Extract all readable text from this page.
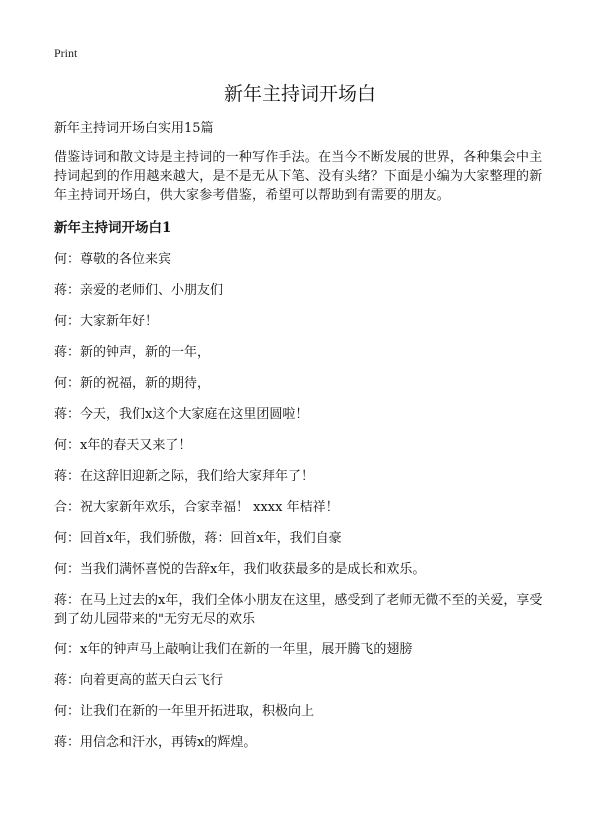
Print
新年主持词开场白

新年主持词开场白实用15篇

借鉴诗词和散文诗是主持词的一种写作手法。在当今不断发展的世界，各种集会中主持词起到的作用越来越大，是不是无从下笔、没有头绪？下面是小编为大家整理的新年主持词开场白，供大家参考借鉴，希望可以帮助到有需要的朋友。

新年主持词开场白1

何：尊敬的各位来宾
蒋：亲爱的老师们、小朋友们
何：大家新年好！
蒋：新的钟声，新的一年，
何：新的祝福，新的期待，
蒋：今天，我们x这个大家庭在这里团圆啦！
何：x年的春天又来了！
蒋：在这辞旧迎新之际，我们给大家拜年了！
合：祝大家新年欢乐，合家幸福！ xxxx 年桔祥！
何：回首x年，我们骄傲，蒋：回首x年，我们自豪
何：当我们满怀喜悦的告辞x年，我们收获最多的是成长和欢乐。
蒋：在马上过去的x年，我们全体小朋友在这里，感受到了老师无微不至的关爱，享受到了幼儿园带来的"无穷无尽的欢乐
何：x年的钟声马上敲响让我们在新的一年里，展开腾飞的翅膀
蒋：向着更高的蓝天白云飞行
何：让我们在新的一年里开拓进取，积极向上
蒋：用信念和汗水，再铸x的辉煌。
